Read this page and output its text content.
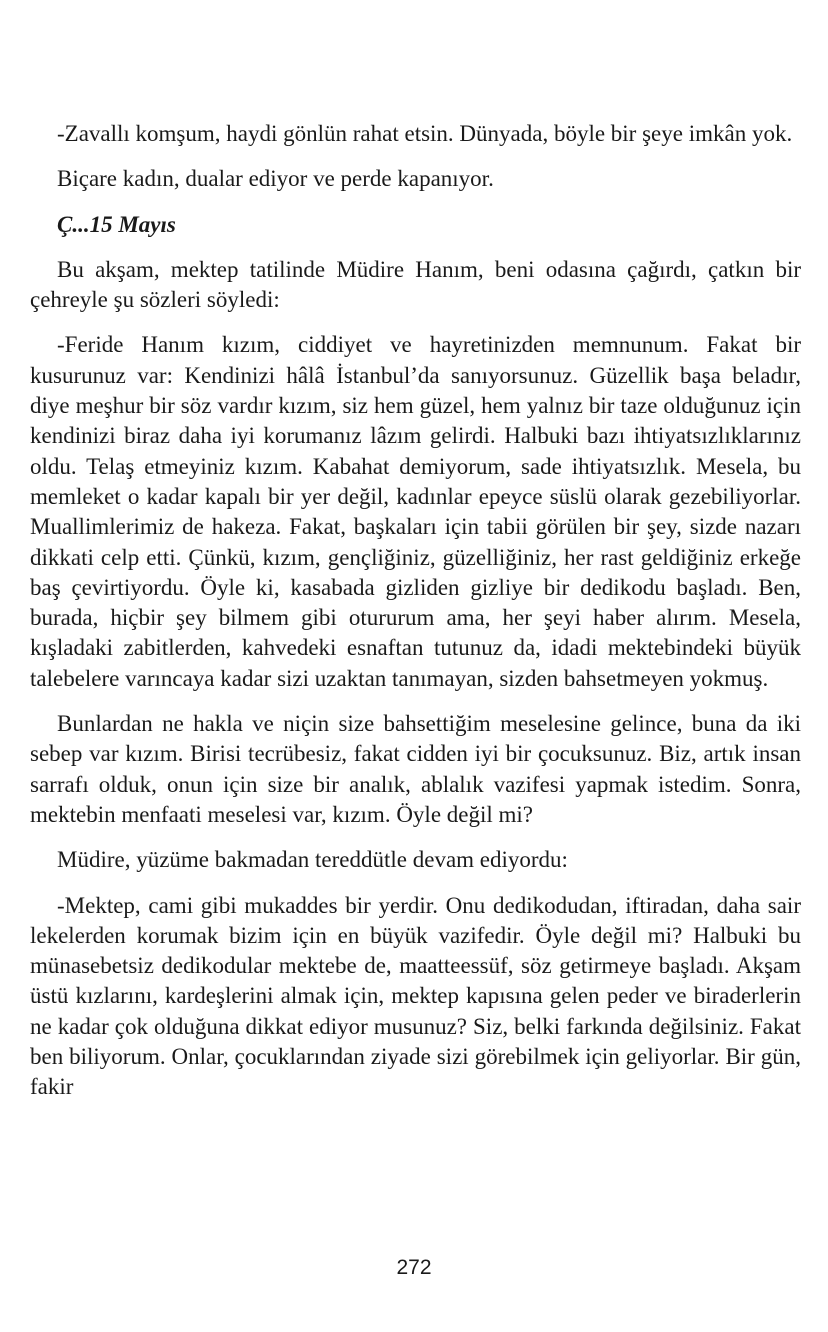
-Zavallı komşum, haydi gönlün rahat etsin. Dünyada, böyle bir şeye imkân yok.

Biçare kadın, dualar ediyor ve perde kapanıyor.

Ç...15 Mayıs

Bu akşam, mektep tatilinde Müdire Hanım, beni odasına çağırdı, çatkın bir çehreyle şu sözleri söyledi:

-Feride Hanım kızım, ciddiyet ve hayretinizden memnunum. Fakat bir kusurunuz var: Kendinizi hâlâ İstanbul’da sanıyorsunuz. Güzellik başa beladır, diye meşhur bir söz vardır kızım, siz hem güzel, hem yalnız bir taze olduğunuz için kendinizi biraz daha iyi korumanız lâzım gelirdi. Halbuki bazı ihtiyatsızlıklarınız oldu. Telaş etmeyiniz kızım. Kabahat demiyorum, sade ihtiyatsızlık. Mesela, bu memleket o kadar kapalı bir yer değil, kadınlar epeyce süslü olarak gezebiliyorlar. Muallimlerimiz de hakeza. Fakat, başkaları için tabii görülen bir şey, sizde nazarı dikkati celp etti. Çünkü, kızım, gençliğiniz, güzelliğiniz, her rast geldiğiniz erkeğe baş çevirtiyordu. Öyle ki, kasabada gizliden gizliye bir dedikodu başladı. Ben, burada, hiçbir şey bilmem gibi otururum ama, her şeyi haber alırım. Mesela, kışladaki zabitlerden, kahvedeki esnaftan tutunuz da, idadi mektebindeki büyük talebelere varıncaya kadar sizi uzaktan tanımayan, sizden bahsetmeyen yokmuş.

Bunlardan ne hakla ve niçin size bahsettiğim meselesine gelince, buna da iki sebep var kızım. Birisi tecrübesiz, fakat cidden iyi bir çocuksunuz. Biz, artık insan sarrafı olduk, onun için size bir analık, ablalık vazifesi yapmak istedim. Sonra, mektebin menfaati meselesi var, kızım. Öyle değil mi?

Müdire, yüzüme bakmadan tereddütle devam ediyordu:

-Mektep, cami gibi mukaddes bir yerdir. Onu dedikodudan, iftiradan, daha sair lekelerden korumak bizim için en büyük vazifedir. Öyle değil mi? Halbuki bu münasebetsiz dedikodular mektebe de, maatteessüf, söz getirmeye başladı. Akşam üstü kızlarını, kardeşlerini almak için, mektep kapısına gelen peder ve biraderlerin ne kadar çok olduğuna dikkat ediyor musunuz? Siz, belki farkında değilsiniz. Fakat ben biliyorum. Onlar, çocuklarından ziyade sizi görebilmek için geliyorlar. Bir gün, fakir

272
